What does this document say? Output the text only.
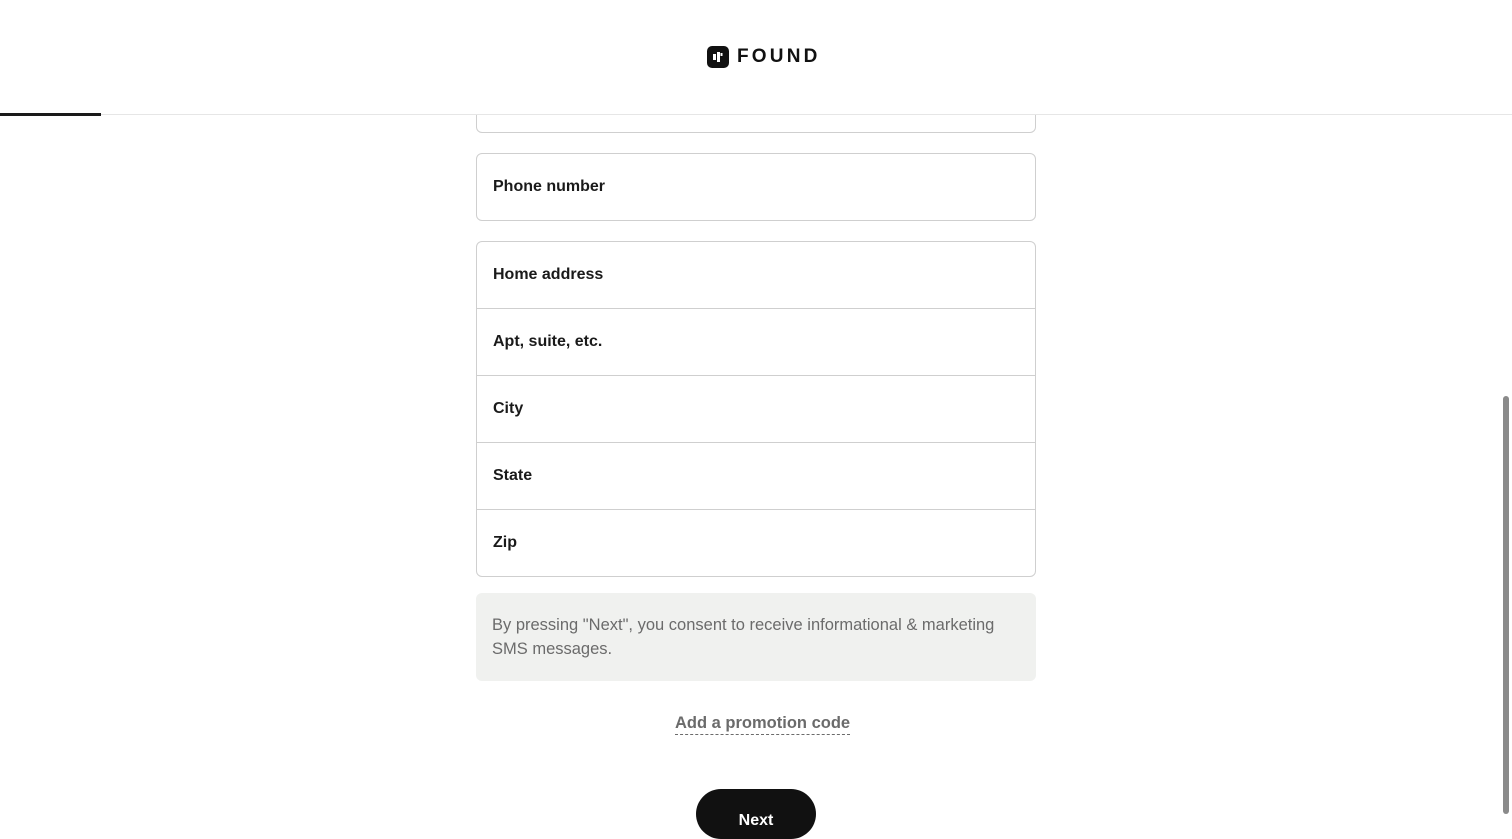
FOUND
Phone number
Home address
Apt, suite, etc.
City
State
Zip
By pressing "Next", you consent to receive informational & marketing SMS messages.
Add a promotion code
Next
